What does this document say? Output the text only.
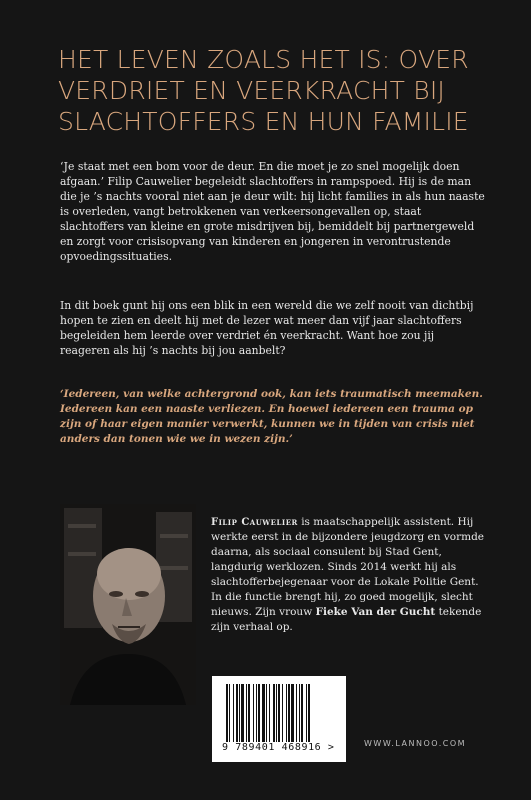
HET LEVEN ZOALS HET IS: OVER
VERDRIET EN VEERKRACHT BIJ
SLACHTOFFERS EN HUN FAMILIE
‘Je staat met een bom voor de deur. En die moet je zo snel mogelijk doen afgaan.’ Filip Cauwelier begeleidt slachtoffers in rampspoed. Hij is de man die je ’s nachts vooral niet aan je deur wilt: hij licht families in als hun naaste is overleden, vangt betrokkenen van verkeersongevallen op, staat slachtoffers van kleine en grote misdrijven bij, bemiddelt bij partnergeweld en zorgt voor crisisopvang van kinderen en jongeren in verontrustende opvoedingssituaties.
In dit boek gunt hij ons een blik in een wereld die we zelf nooit van dichtbij hopen te zien en deelt hij met de lezer wat meer dan vijf jaar slachtoffers begeleiden hem leerde over verdriet én veerkracht. Want hoe zou jij reageren als hij ’s nachts bij jou aanbelt?
‘Iedereen, van welke achtergrond ook, kan iets traumatisch meemaken. Iedereen kan een naaste verliezen. En hoewel iedereen een trauma op zijn of haar eigen manier verwerkt, kunnen we in tijden van crisis niet anders dan tonen wie we in wezen zijn.’
Filip Cauwelier is maatschappelijk assistent. Hij werkte eerst in de bijzondere jeugdzorg en vormde daarna, als sociaal consulent bij Stad Gent, langdurig werklozen. Sinds 2014 werkt hij als slachtofferbejegenaar voor de Lokale Politie Gent. In die functie brengt hij, zo goed mogelijk, slecht nieuws. Zijn vrouw Fieke Van der Gucht tekende zijn verhaal op.
9 789401 468916 >	WWW.LANNOO.COM
